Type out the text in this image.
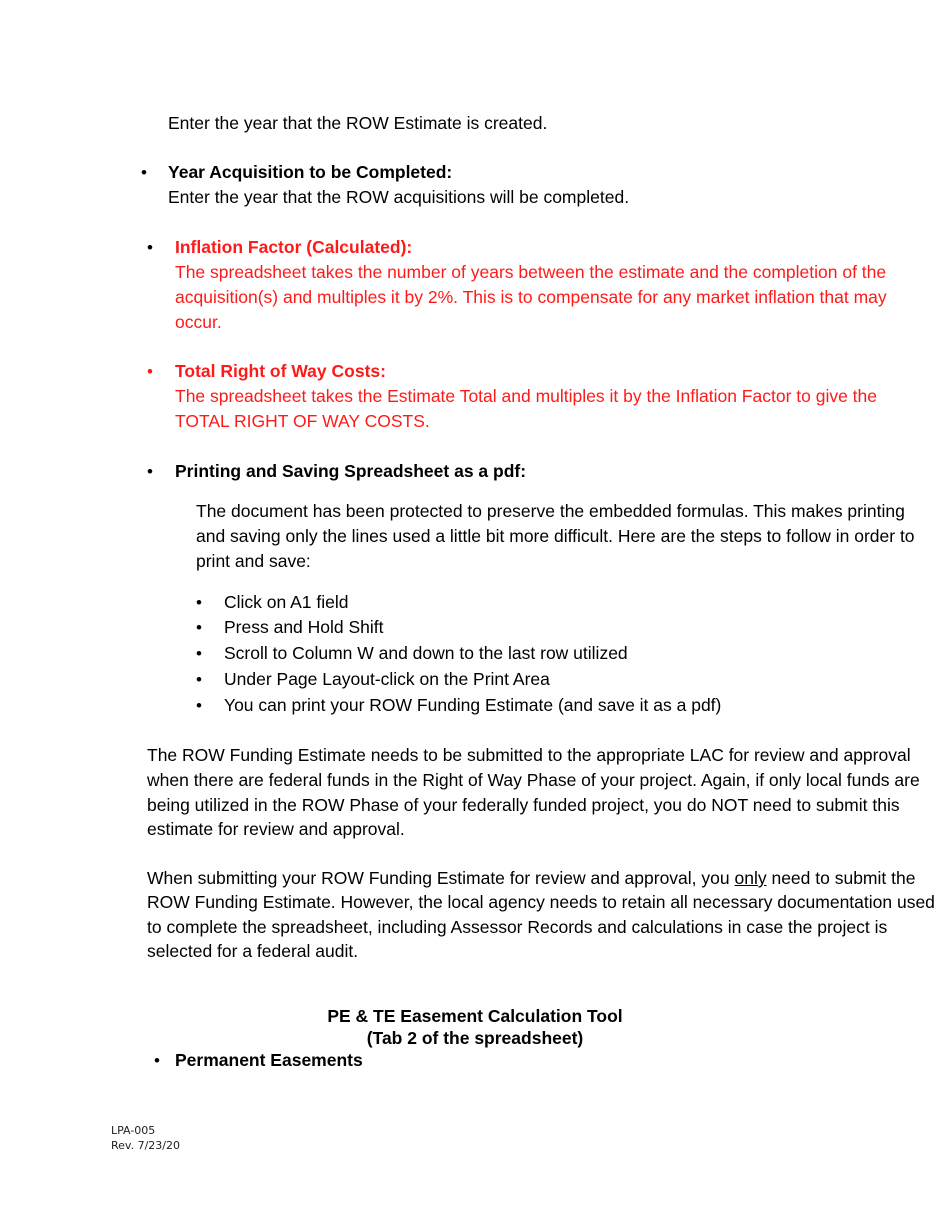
Enter the year that the ROW Estimate is created.
• Year Acquisition to be Completed:
Enter the year that the ROW acquisitions will be completed.
• Inflation Factor (Calculated):
The spreadsheet takes the number of years between the estimate and the completion of the
acquisition(s) and multiples it by 2%. This is to compensate for any market inflation that may
occur.
• Total Right of Way Costs:
The spreadsheet takes the Estimate Total and multiples it by the Inflation Factor to give the
TOTAL RIGHT OF WAY COSTS.
• Printing and Saving Spreadsheet as a pdf:
The document has been protected to preserve the embedded formulas. This makes printing
and saving only the lines used a little bit more difficult. Here are the steps to follow in order to
print and save:
• Click on A1 field
• Press and Hold Shift
• Scroll to Column W and down to the last row utilized
• Under Page Layout-click on the Print Area
• You can print your ROW Funding Estimate (and save it as a pdf)
The ROW Funding Estimate needs to be submitted to the appropriate LAC for review and approval
when there are federal funds in the Right of Way Phase of your project. Again, if only local funds are
being utilized in the ROW Phase of your federally funded project, you do NOT need to submit this
estimate for review and approval.
When submitting your ROW Funding Estimate for review and approval, you only need to submit the
ROW Funding Estimate. However, the local agency needs to retain all necessary documentation used
to complete the spreadsheet, including Assessor Records and calculations in case the project is
selected for a federal audit.
PE & TE Easement Calculation Tool
(Tab 2 of the spreadsheet)
• Permanent Easements
LPA-005
Rev. 7/23/20
